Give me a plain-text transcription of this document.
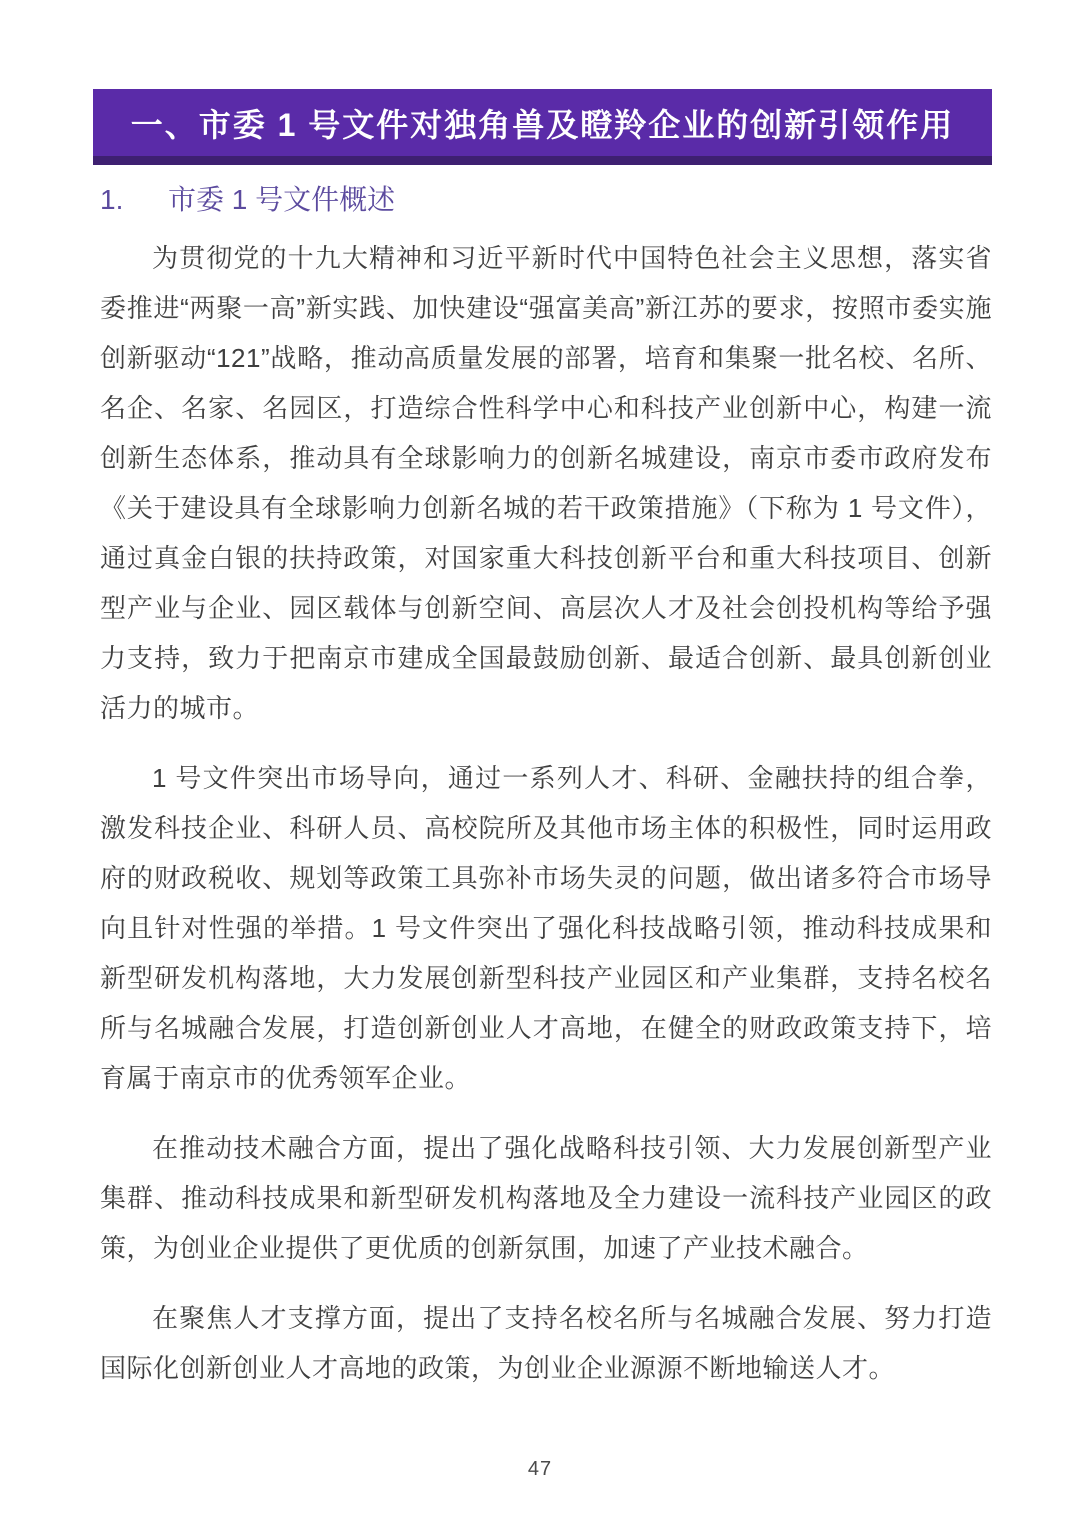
一、市委 1 号文件对独角兽及瞪羚企业的创新引领作用
1.	市委 1 号文件概述

为贯彻党的十九大精神和习近平新时代中国特色社会主义思想，落实省委推进“两聚一高”新实践、加快建设“强富美高”新江苏的要求，按照市委实施创新驱动“121”战略，推动高质量发展的部署，培育和集聚一批名校、名所、名企、名家、名园区，打造综合性科学中心和科技产业创新中心，构建一流创新生态体系，推动具有全球影响力的创新名城建设，南京市委市政府发布《关于建设具有全球影响力创新名城的若干政策措施》（下称为 1 号文件），通过真金白银的扶持政策，对国家重大科技创新平台和重大科技项目、创新型产业与企业、园区载体与创新空间、高层次人才及社会创投机构等给予强力支持，致力于把南京市建成全国最鼓励创新、最适合创新、最具创新创业活力的城市。

1 号文件突出市场导向，通过一系列人才、科研、金融扶持的组合拳，激发科技企业、科研人员、高校院所及其他市场主体的积极性，同时运用政府的财政税收、规划等政策工具弥补市场失灵的问题，做出诸多符合市场导向且针对性强的举措。1 号文件突出了强化科技战略引领，推动科技成果和新型研发机构落地，大力发展创新型科技产业园区和产业集群，支持名校名所与名城融合发展，打造创新创业人才高地，在健全的财政政策支持下，培育属于南京市的优秀领军企业。

在推动技术融合方面，提出了强化战略科技引领、大力发展创新型产业集群、推动科技成果和新型研发机构落地及全力建设一流科技产业园区的政策，为创业企业提供了更优质的创新氛围，加速了产业技术融合。

在聚焦人才支撑方面，提出了支持名校名所与名城融合发展、努力打造国际化创新创业人才高地的政策，为创业企业源源不断地输送人才。

47
